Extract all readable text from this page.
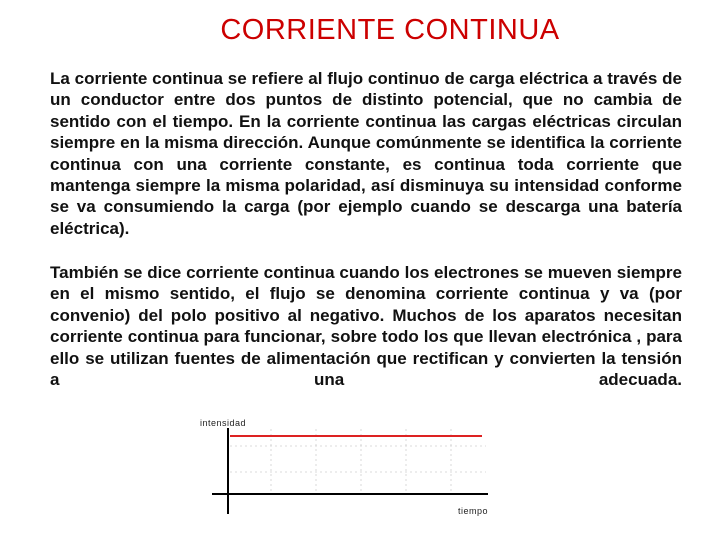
CORRIENTE CONTINUA

La corriente continua se refiere al flujo continuo de carga eléctrica a través de un conductor entre dos puntos de distinto potencial, que no cambia de sentido con el tiempo. En la corriente continua las cargas eléctricas circulan siempre en la misma dirección. Aunque comúnmente se identifica la corriente continua con una corriente constante, es continua toda corriente que mantenga siempre la misma polaridad, así disminuya su intensidad conforme se va consumiendo la carga (por ejemplo cuando se descarga una batería eléctrica).

También se dice corriente continua cuando los electrones se mueven siempre en el mismo sentido, el flujo se denomina corriente continua y va (por convenio) del polo positivo al negativo. Muchos de los aparatos necesitan corriente continua para funcionar, sobre todo los que llevan electrónica , para ello se utilizan fuentes de alimentación que rectifican y convierten la tensión a una adecuada.

intensidad
tiempo
